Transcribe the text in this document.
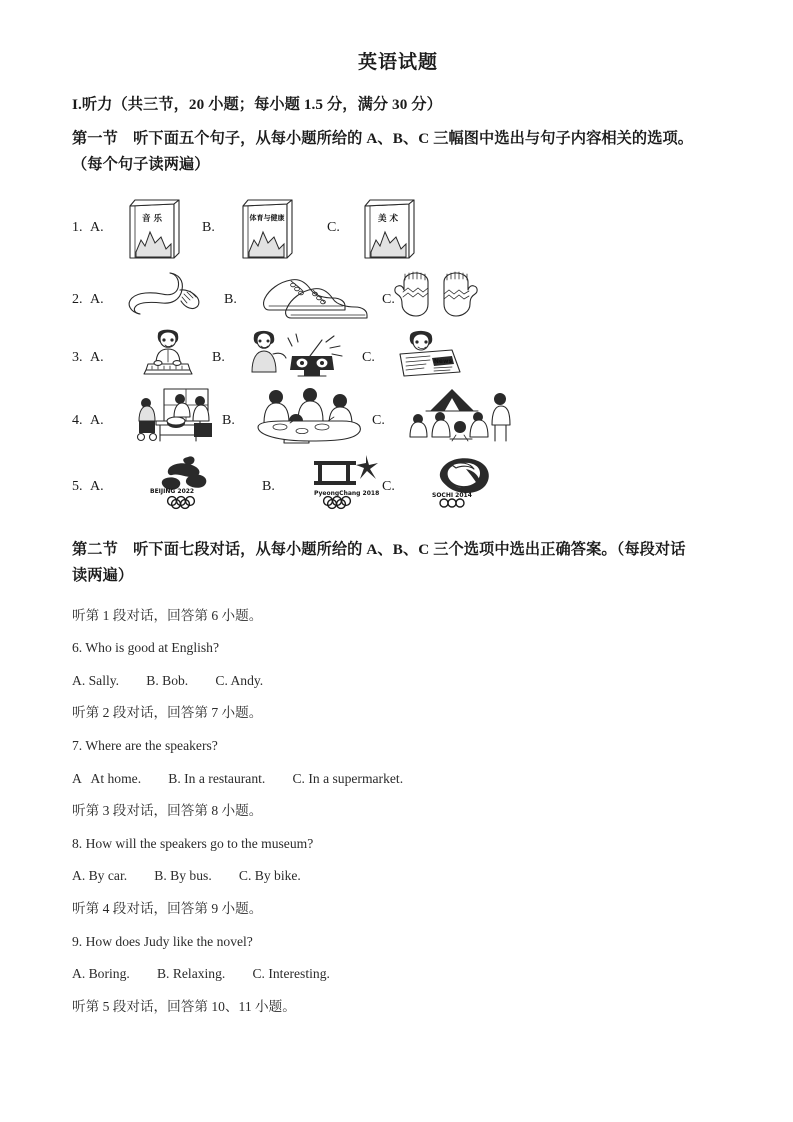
英语试题
I.听力（共三节，20 小题；每小题 1.5 分，满分 30 分）
第一节　听下面五个句子，从每小题所给的 A、B、C 三幅图中选出与句子内容相关的选项。
（每个句子读两遍）
1. A.
音 乐
B.
体育与健康
C.
美 术
2. A.	B.	C.
3. A.	B.	C.	News
4. A.	B.	C.
5. A.	BEIJING 2022	B.	PyeongChang 2018 C.
SOCHI 2014
第二节　听下面七段对话，从每小题所给的 A、B、C 三个选项中选出正确答案。（每段对话
读两遍）
听第 1 段对话，回答第 6 小题。
6. Who is good at English?
A. Sally.        B. Bob.        C. Andy.
听第 2 段对话，回答第 7 小题。
7. Where are the speakers?
A   At home.        B. In a restaurant.        C. In a supermarket.
听第 3 段对话，回答第 8 小题。
8. How will the speakers go to the museum?
A. By car.        B. By bus.        C. By bike.
听第 4 段对话，回答第 9 小题。
9. How does Judy like the novel?
A. Boring.        B. Relaxing.        C. Interesting.
听第 5 段对话，回答第 10、11 小题。
